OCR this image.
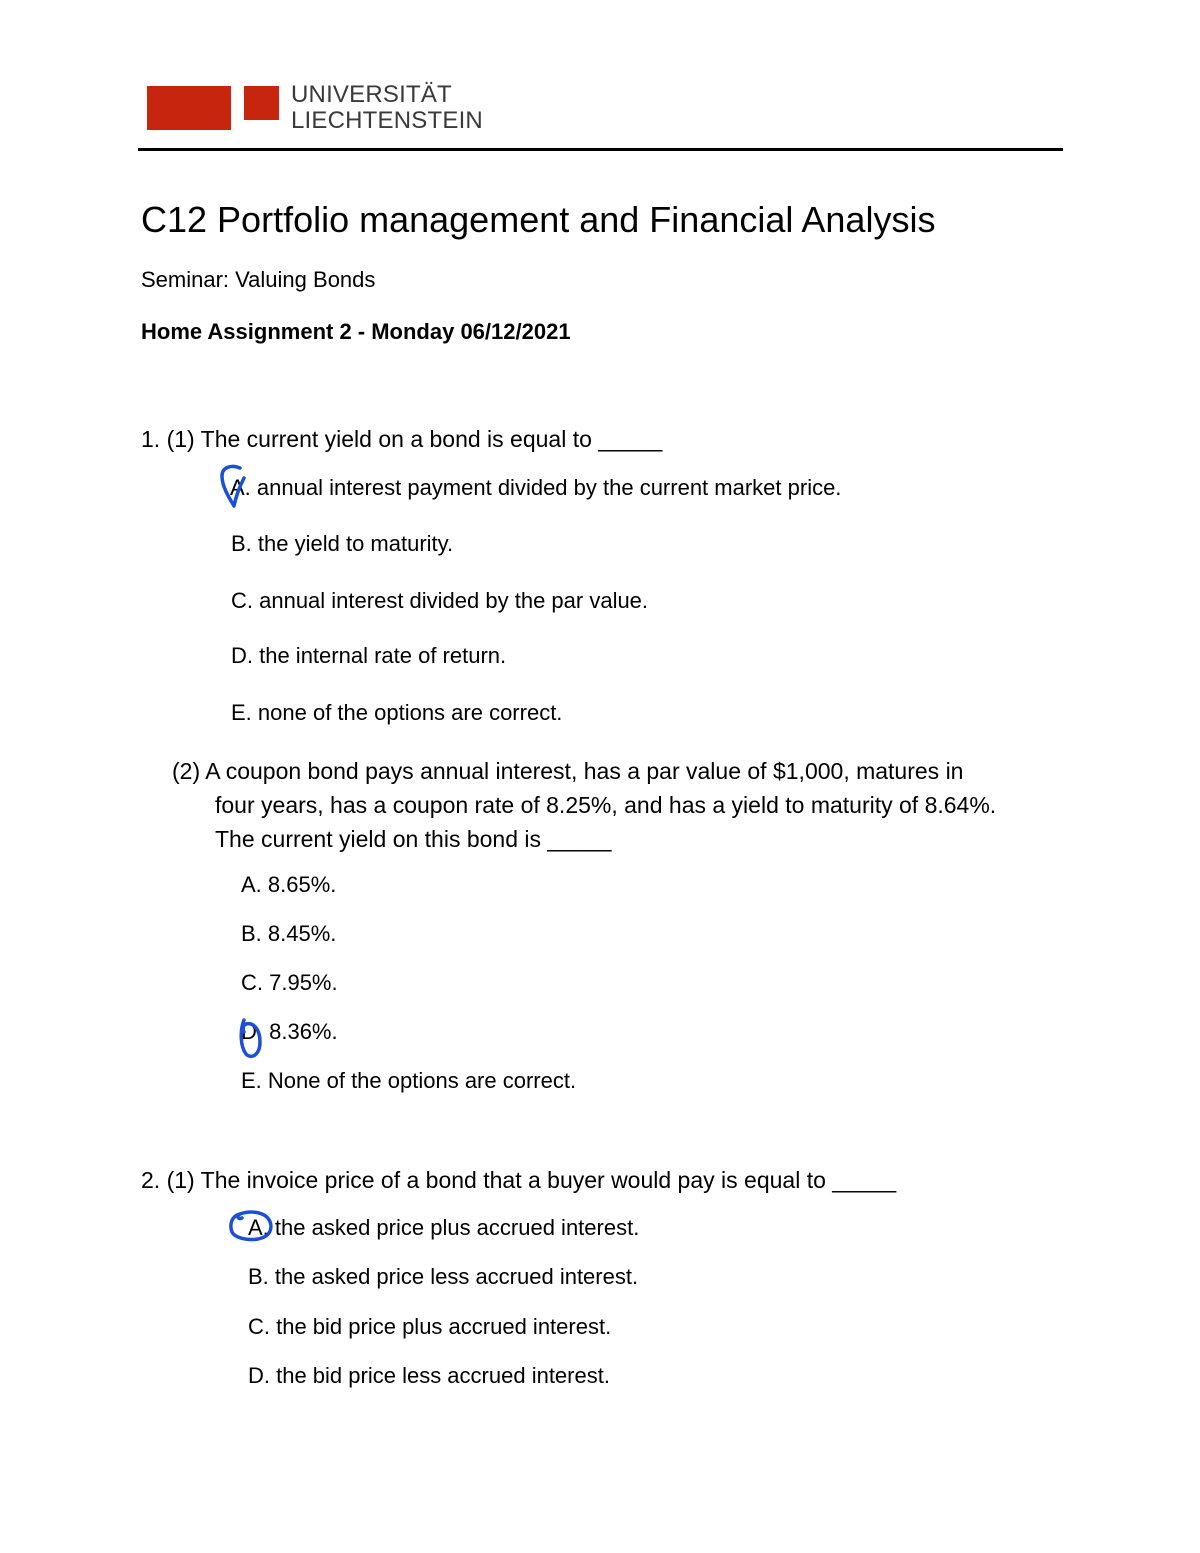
UNIVERSITÄT
LIECHTENSTEIN
C12 Portfolio management and Financial Analysis
Seminar: Valuing Bonds
Home Assignment 2 - Monday 06/12/2021
1. (1) The current yield on a bond is equal to _____
A. annual interest payment divided by the current market price.
B. the yield to maturity.
C. annual interest divided by the par value.
D. the internal rate of return.
E. none of the options are correct.
(2) A coupon bond pays annual interest, has a par value of $1,000, matures in
four years, has a coupon rate of 8.25%, and has a yield to maturity of 8.64%.
The current yield on this bond is _____
A. 8.65%.
B. 8.45%.
C. 7.95%.
D. 8.36%.
E. None of the options are correct.
2. (1) The invoice price of a bond that a buyer would pay is equal to _____
A. the asked price plus accrued interest.
B. the asked price less accrued interest.
C. the bid price plus accrued interest.
D. the bid price less accrued interest.
